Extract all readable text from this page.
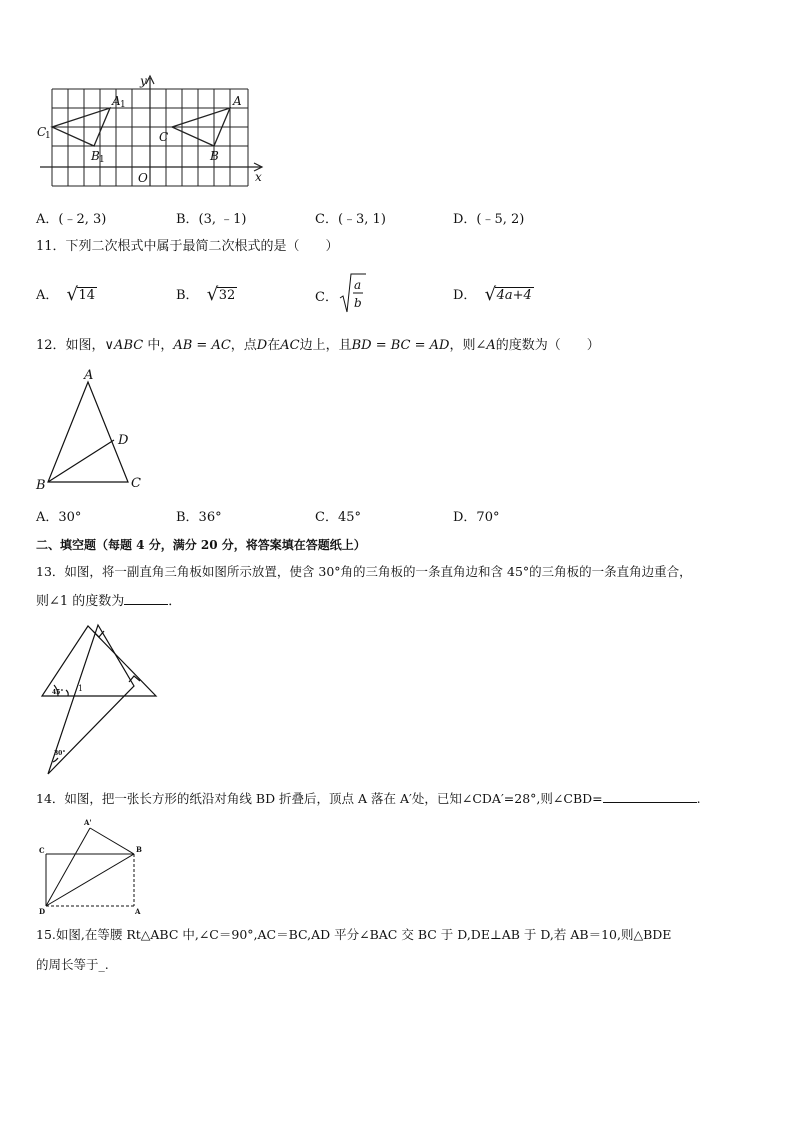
y
x
O
A 1
C
1
B 1
A
C
B
A．(﹣2, 3)	B．(3, ﹣1)	C．(﹣3, 1)	D．(﹣5, 2)
11．下列二次根式中属于最简二次根式的是（　　）
A． √ 14	B． √ 32	C．
a
b	D． √ 4a+4
12．如图，∨ABC 中，AB = AC，点D在AC边上，且BD = BC = AD，则∠A的度数为（　　）
A
D
B	C
A．30°	B．36°	C．45°	D．70°
二、填空题（每题 4 分，满分 20 分，将答案填在答题纸上）
13．如图，将一副直角三角板如图所示放置，使含 30°角的三角板的一条直角边和含 45°的三角板的一条直角边重合，
则∠1 的度数为	．
45°
30°
1
14．如图，把一张长方形的纸沿对角线 BD 折叠后，顶点 A 落在 A′处，已知∠CDA′=28°,则∠CBD=	.
A'
C	B
D	A
15.如图,在等腰 Rt△ABC 中,∠C＝90°,AC＝BC,AD 平分∠BAC 交 BC 于 D,DE⊥AB 于 D,若 AB＝10,则△BDE
的周长等于_.
